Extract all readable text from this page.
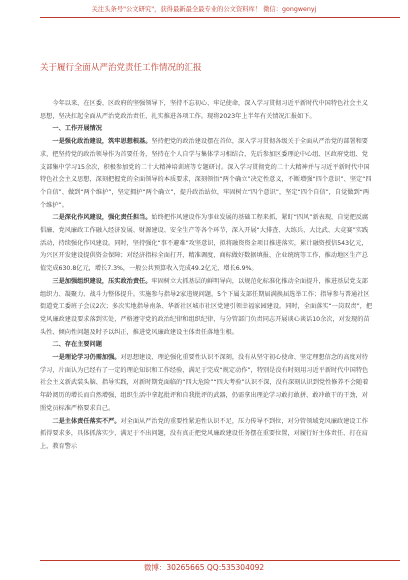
关注头条号"公文研究"，获得最新最全最专业的公文资料库！ 微信：gongwenyj
关于履行全面从严治党责任工作情况的汇报

今年以来，在区委、区政府的坚强领导下，坚持不忘初心、牢记使命，深入学习贯彻习近平新时代中国特色社会主义思想，坚决扛起全面从严治党政治责任，扎实推进各项工作。现将2023年上半年有关情况汇报如下。

一、工作开展情况

一是强化政治建设，筑牢思想根基。坚持把党的政治建设摆在首位，深入学习贯彻各级关于全面从严治党的部署和要求，把坚持党的政治领导作为首要任务，坚持在个人自学与集体学习相结合，先后参加区委理论中心组、区政府党组、党支部集中学习15余次，积极参加党的二十大精神培训班等专题研讨。深入学习贯彻党的二十大精神并与习近平新时代中国特色社会主义思想，深刻把握党的全面领导的本质要求，深刻领悟“两个确立”决定性意义，不断增强“四个意识”、坚定“四个自信”、做到“两个维护”，坚定拥护“两个确立”，提升政治站位，牢固树立“四个意识”，坚定“四个自信”，自觉做到“两个维护”。

二是深化作风建设，强化责任担当。始终把作风建设作为事业发展的基础工程来抓，紧盯“四风”新表现，自觉把反腐倡廉、党风廉政工作融入经济发展、财源建设、安全生产等各个环节，深入开展“大排查、大练兵、大比武、大竞赛”实践活动，持续强化作风建设。同时，坚持强化“事不避难”攻坚意识，拟将融资资金项目推进落实，累计融资授信543亿元，为兴区开发建设提供资金保障；对经济指标全面打开，精准调度，商标做好数据填报、企业统统等工作，推动地区生产总值完成630.8亿元，增长7.3%，一般公共预算收入完成49.2亿元，增长6.9%。

三是加强组织建设，压实政治责任。牢固树立大抓基层的鲜明导向，以规范化标准化推动全面提升，推进基层党支部组织力、凝聚力、战斗力整体提升。实施参与指导2家违规问题，5个下属支部任期届满换届选举工作；指导参与普通社区街道党工委班子会议2次；多次实地指导南条、华新社区城市社区党建引领幸福家园建设。同时，全面落实“一岗双责”，把党风廉政建设要求落到实处，严格遵守党的政治纪律和组织纪律，与分管部门负责同志开展谈心谈话10余次，对发现的苗头性、倾向性问题及时予以纠正，推进党风廉政建设主体责任落地生根。

二、存在主要问题

一是理论学习仍需加强。对思想建设、理论强化重要性认识不深刻，没有从坚守初心使命、坚定理想信念的高度对待学习，片面认为已经有了一定的理论知识和工作经验，满足于完成“规定动作”，特别是没有时刻用习近平新时代中国特色社会主义新武装头脑、指导实践，对新时期党面临的“四大危险”“四大考验”认识不深，没有深刻认识到党性修养不会随着年龄阅历的增长而自然增强，组织生活中拿起批评和自我批评的武器，仍需拿出理论学习敢打敢拼、敢冲敢干的干劲，对照党员标准严格要求自己。

二是主体责任落实不严。对全面从严治党的重要性紧迫性认识不足，压力传导不到位，对分管领域党风廉政建设工作抓得要求多，具体抓落实少，满足于不出问题，没有真正把党风廉政建设任务摆在重要位置，对履行好主体责任、打在肩上，教育警示

微博：30265665 QQ:535304092
